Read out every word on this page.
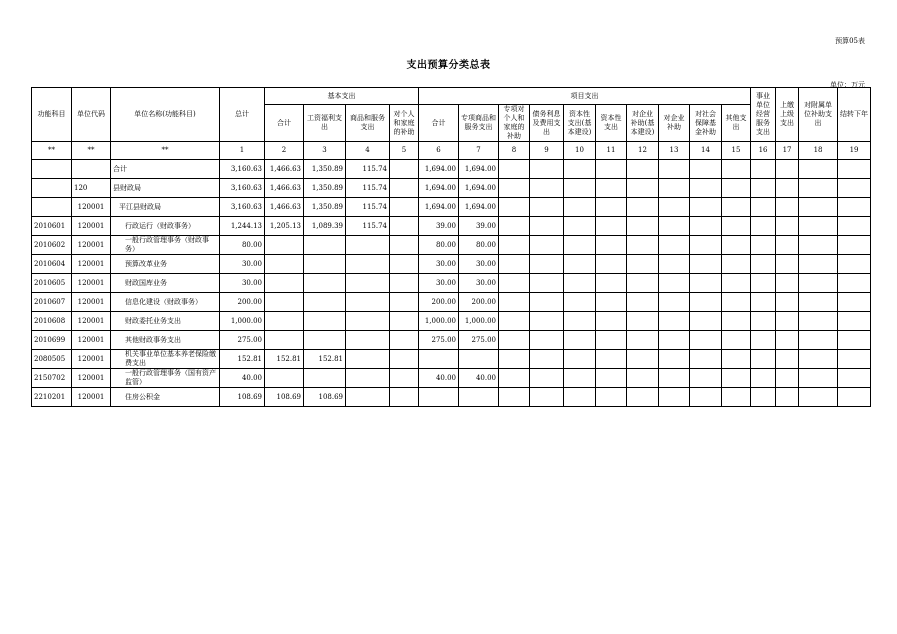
预算05表
支出预算分类总表
单位：万元
功能科目	单位代码	单位名称(功能科目)	总计	基本支出				项目支出										事业单位经营服务支出	上缴上级支出	对附属单位补助支出	结转下年
				合计	工资福利支出	商品和服务支出	对个人和家庭的补助	合计	专项商品和服务支出	专项对个人和家庭的补助	债务利息及费用支出	资本性支出(基本建设)	资本性支出	对企业补助(基本建设)	对企业补助	对社会保障基金补助	其他支出				
**	**	**	1	2	3	4	5	6	7	8	9	10	11	12	13	14	15	16	17	18	19
		合计	3,160.63	1,466.63	1,350.89	115.74		1,694.00	1,694.00												
	120	县财政局	3,160.63	1,466.63	1,350.89	115.74		1,694.00	1,694.00												
	120001	平江县财政局	3,160.63	1,466.63	1,350.89	115.74		1,694.00	1,694.00												
2010601	120001	行政运行（财政事务）	1,244.13	1,205.13	1,089.39	115.74		39.00	39.00												
2010602	120001	一般行政管理事务（财政事务）	80.00					80.00	80.00												
2010604	120001	预算改革业务	30.00					30.00	30.00												
2010605	120001	财政国库业务	30.00					30.00	30.00												
2010607	120001	信息化建设（财政事务）	200.00					200.00	200.00												
2010608	120001	财政委托业务支出	1,000.00					1,000.00	1,000.00												
2010699	120001	其他财政事务支出	275.00					275.00	275.00												
2080505	120001	机关事业单位基本养老保险缴费支出	152.81	152.81	152.81																
2150702	120001	一般行政管理事务（国有资产监管）	40.00					40.00	40.00												
2210201	120001	住房公积金	108.69	108.69	108.69																
